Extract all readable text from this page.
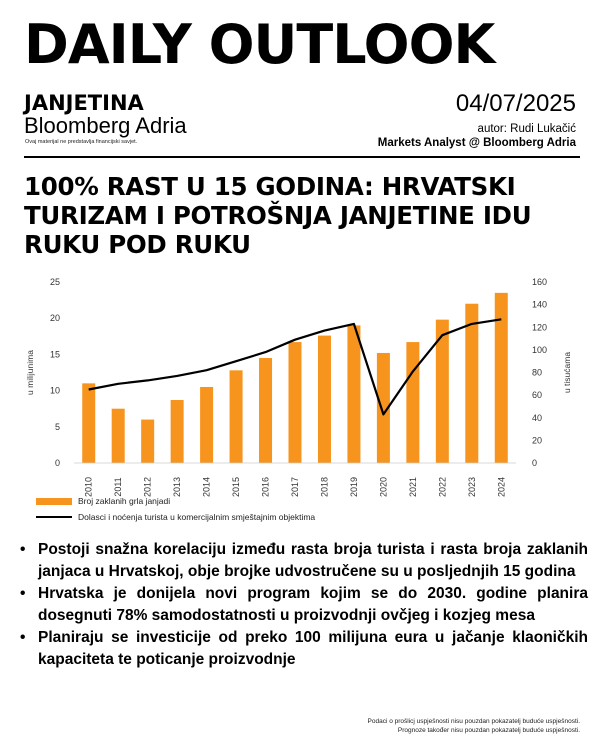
DAILY OUTLOOK
JANJETINA
Bloomberg Adria
Ovaj materijal ne predstavlja financijski savjet.
04/07/2025
autor: Rudi Lukačić
Markets Analyst @ Bloomberg Adria
100% RAST U 15 GODINA: HRVATSKI TURIZAM I POTROŠNJA JANJETINE IDU RUKU POD RUKU
0
5
10
15
20
25
0
20
40
60
80
100
120
140
160
u milijunima	u tisućama
2010 2011 2012 2013 2014 2015 2016 2017 2018 2019 2020 2021 2022 2023 2024
Broj zaklanih grla janjadi
Dolasci i noćenja turista u komercijalnim smještajnim objektima
• Postoji snažna korelaciju između rasta broja turista i rasta broja zaklanih janjaca u Hrvatskoj, obje brojke udvostručene su u posljednjih 15 godina
• Hrvatska je donijela novi program kojim se do 2030. godine planira dosegnuti 78% samodostatnosti u proizvodnji ovčjeg i kozjeg mesa
• Planiraju se investicije od preko 100 milijuna eura u jačanje klaoničkih kapaciteta te poticanje proizvodnje
Podaci o prošlicj uspješnosti nisu pouzdan pokazatelj buduće uspješnosti.
Prognoze također nisu pouzdan pokazatelj buduće uspješnosti.
